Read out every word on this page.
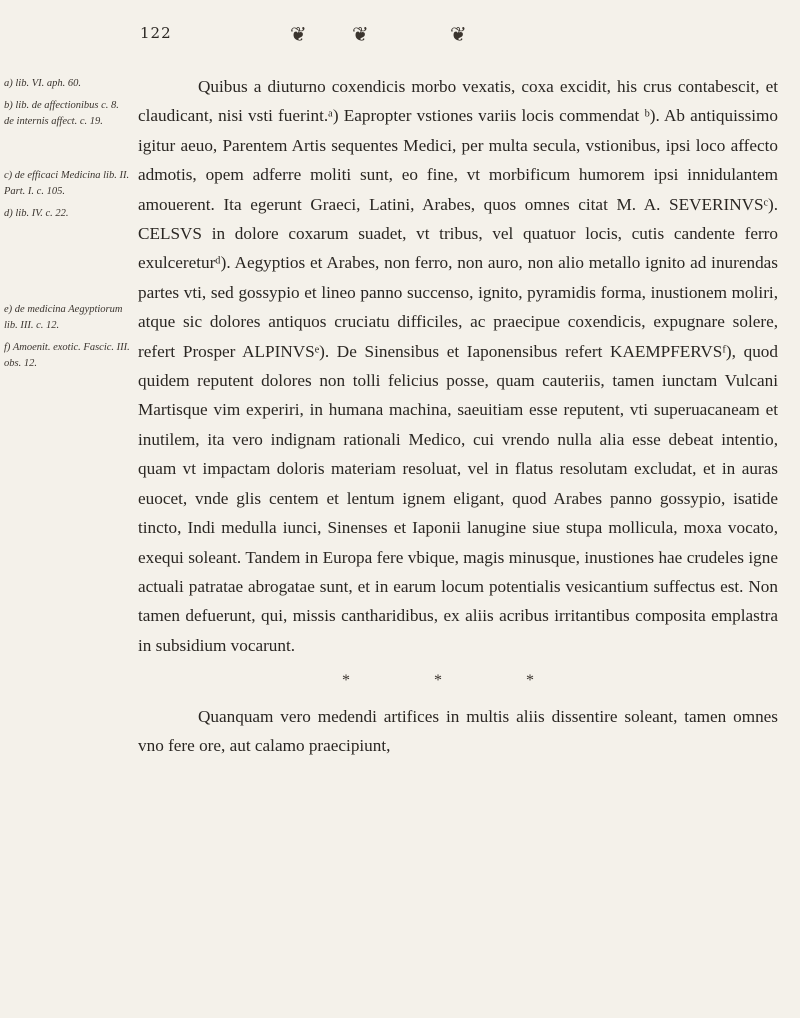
122	❦ ❦	❦
a) lib. VI. aph. 60.
b) lib. de affectionibus c. 8. de internis affect. c. 19.
c) de efficaci Medicina lib. II. Part. I. c. 105.
d) lib. IV. c. 22.
e) de medicina Aegyptiorum lib. III. c. 12.
f) Amoenit. exotic. Fascic. III. obs. 12.

Quibus a diuturno coxendicis morbo vexatis, coxa excidit, his crus contabescit, et claudicant, nisi vsti fuerint.ᵃ) Eapropter vstiones variis locis commendat ᵇ). Ab antiquissimo igitur aeuo, Parentem Artis sequentes Medici, per multa secula, vstionibus, ipsi loco affecto admotis, opem adferre moliti sunt, eo fine, vt morbificum humorem ipsi innidulantem amouerent. Ita egerunt Graeci, Latini, Arabes, quos omnes citat M. A. SEVERINVSᶜ). CELSVS in dolore coxarum suadet, vt tribus, vel quatuor locis, cutis candente ferro exulcereturᵈ). Aegyptios et Arabes, non ferro, non auro, non alio metallo ignito ad inurendas partes vti, sed gossypio et lineo panno succenso, ignito, pyramidis forma, inustionem moliri, atque sic dolores antiquos cruciatu difficiles, ac praecipue coxendicis, expugnare solere, refert Prosper ALPINVSᵉ). De Sinensibus et Iaponensibus refert KAEMPFERVSᶠ), quod quidem reputent dolores non tolli felicius posse, quam cauteriis, tamen iunctam Vulcani Martisque vim experiri, in humana machina, saeuitiam esse reputent, vti superuacaneam et inutilem, ita vero indignam rationali Medico, cui vrendo nulla alia esse debeat intentio, quam vt impactam doloris materiam resoluat, vel in flatus resolutam excludat, et in auras euocet, vnde glis centem et lentum ignem eligant, quod Arabes panno gossypio, isatide tincto, Indi medulla iunci, Sinenses et Iaponii lanugine siue stupa mollicula, moxa vocato, exequi soleant. Tandem in Europa fere vbique, magis minusque, inustiones hae crudeles igne actuali patratae abrogatae sunt, et in earum locum potentialis vesicantium suffectus est. Non tamen defuerunt, qui, missis cantharidibus, ex aliis acribus irritantibus composita emplastra in subsidium vocarunt.

* * *

Quanquam vero medendi artifices in multis aliis dissentire soleant, tamen omnes vno fere ore, aut calamo praecipiunt,
